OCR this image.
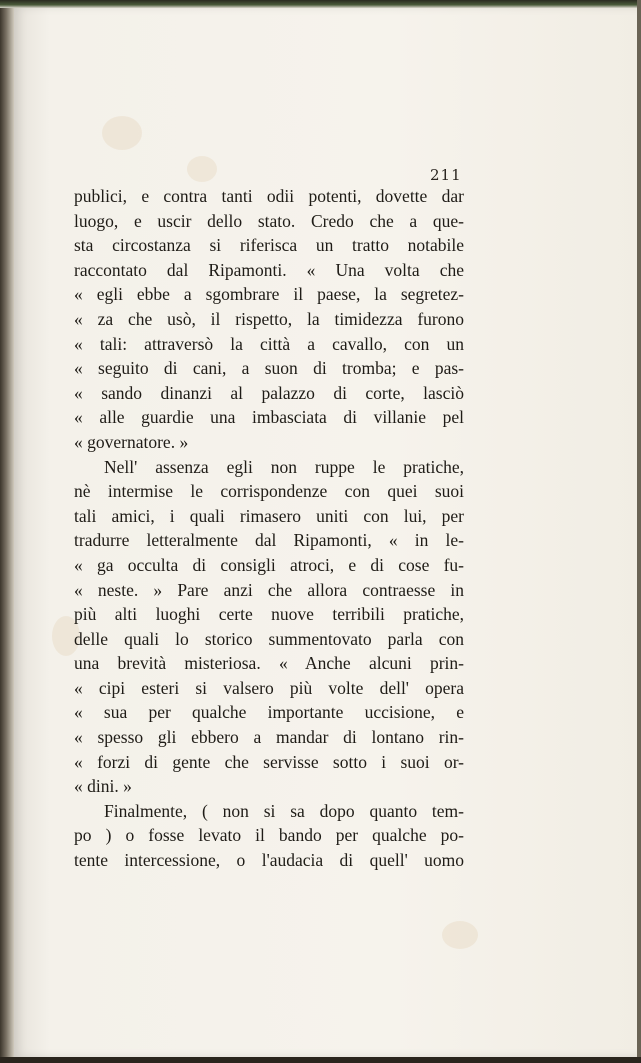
211
publici, e contra tanti odii potenti, dovette dar
luogo, e uscir dello stato. Credo che a que-
sta circostanza si riferisca un tratto notabile
raccontato dal Ripamonti. « Una volta che
« egli ebbe a sgombrare il paese, la segretez-
« za che usò, il rispetto, la timidezza furono
« tali: attraversò la città a cavallo, con un
« seguito di cani, a suon di tromba; e pas-
« sando dinanzi al palazzo di corte, lasciò
« alle guardie una imbasciata di villanie pel
« governatore. »
Nell' assenza egli non ruppe le pratiche,
nè intermise le corrispondenze con quei suoi
tali amici, i quali rimasero uniti con lui, per
tradurre letteralmente dal Ripamonti, « in le-
« ga occulta di consigli atroci, e di cose fu-
« neste. » Pare anzi che allora contraesse in
più alti luoghi certe nuove terribili pratiche,
delle quali lo storico summentovato parla con
una brevità misteriosa. « Anche alcuni prin-
« cipi esteri si valsero più volte dell' opera
« sua per qualche importante uccisione, e
« spesso gli ebbero a mandar di lontano rin-
« forzi di gente che servisse sotto i suoi or-
« dini. »
Finalmente, ( non si sa dopo quanto tem-
po ) o fosse levato il bando per qualche po-
tente intercessione, o l'audacia di quell' uomo
